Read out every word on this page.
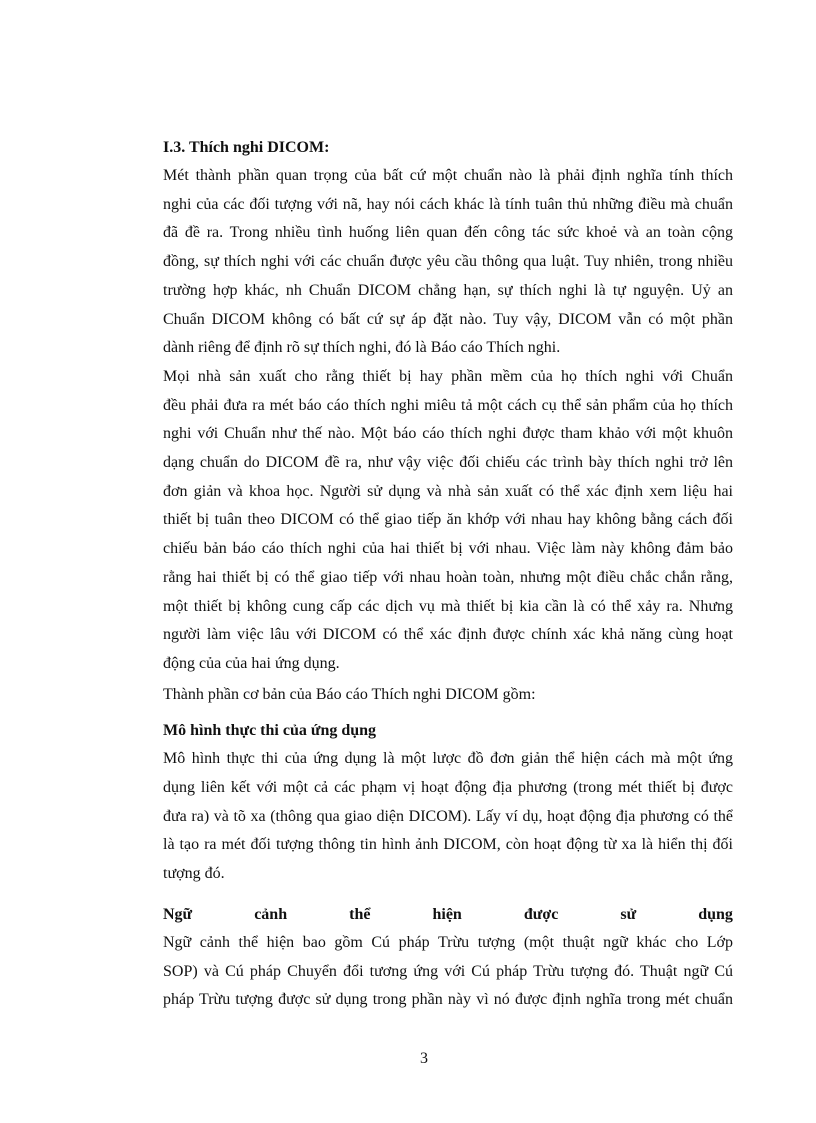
I.3. Thích nghi DICOM:

Mét thành phần quan trọng của bất cứ một chuẩn nào là phải định nghĩa tính thích
nghi của các đối tượng với nã, hay nói cách khác là tính tuân thủ những điều mà chuẩn
đã đề ra. Trong nhiều tình huống liên quan đến công tác sức khoẻ và an toàn cộng
đồng, sự thích nghi với các chuẩn được yêu cầu thông qua luật. Tuy nhiên, trong nhiều
trường hợp khác, nh Chuẩn DICOM chẳng hạn, sự thích nghi là tự nguyện. Uỷ an
Chuẩn DICOM không có bất cứ sự áp đặt nào. Tuy vậy, DICOM vẫn có một phần
dành riêng để định rõ sự thích nghi, đó là Báo cáo Thích nghi.
Mọi nhà sản xuất cho rằng thiết bị hay phần mềm của họ thích nghi với Chuẩn
đều phải đưa ra mét báo cáo thích nghi miêu tả một cách cụ thể sản phẩm của họ thích
nghi với Chuẩn như thế nào. Một báo cáo thích nghi được tham khảo với một khuôn
dạng chuẩn do DICOM đề ra, như vậy việc đối chiếu các trình bày thích nghi trở lên
đơn giản và khoa học. Người sử dụng và nhà sản xuất có thể xác định xem liệu hai
thiết bị tuân theo DICOM có thể giao tiếp ăn khớp với nhau hay không bằng cách đối
chiếu bản báo cáo thích nghi của hai thiết bị với nhau. Việc làm này không đảm bảo
rằng hai thiết bị có thể giao tiếp với nhau hoàn toàn, nhưng một điều chắc chắn rằng,
một thiết bị không cung cấp các dịch vụ mà thiết bị kia cần là có thể xảy ra. Nhưng
người làm việc lâu với DICOM có thể xác định được chính xác khả năng cùng hoạt
động của của hai ứng dụng.

Thành phần cơ bản của Báo cáo Thích nghi DICOM gồm:

Mô hình thực thi của ứng dụng

Mô hình thực thi của ứng dụng là một lược đồ đơn giản thể hiện cách mà một ứng
dụng liên kết với một cả các phạm vị hoạt động địa phương (trong mét thiết bị được
đưa ra) và tõ xa (thông qua giao diện DICOM). Lấy ví dụ, hoạt động địa phương có thể
là tạo ra mét đối tượng thông tin hình ảnh DICOM, còn hoạt động từ xa là hiển thị đối
tượng đó.
Ngữ	cảnh	thể	hiện	được	sử	dụng
Ngữ cảnh thể hiện bao gồm Cú pháp Trừu tượng (một thuật ngữ khác cho Lớp
SOP) và Cú pháp Chuyển đổi tương ứng với Cú pháp Trừu tượng đó. Thuật ngữ Cú
pháp Trừu tượng được sử dụng trong phần này vì nó được định nghĩa trong mét chuẩn
3
